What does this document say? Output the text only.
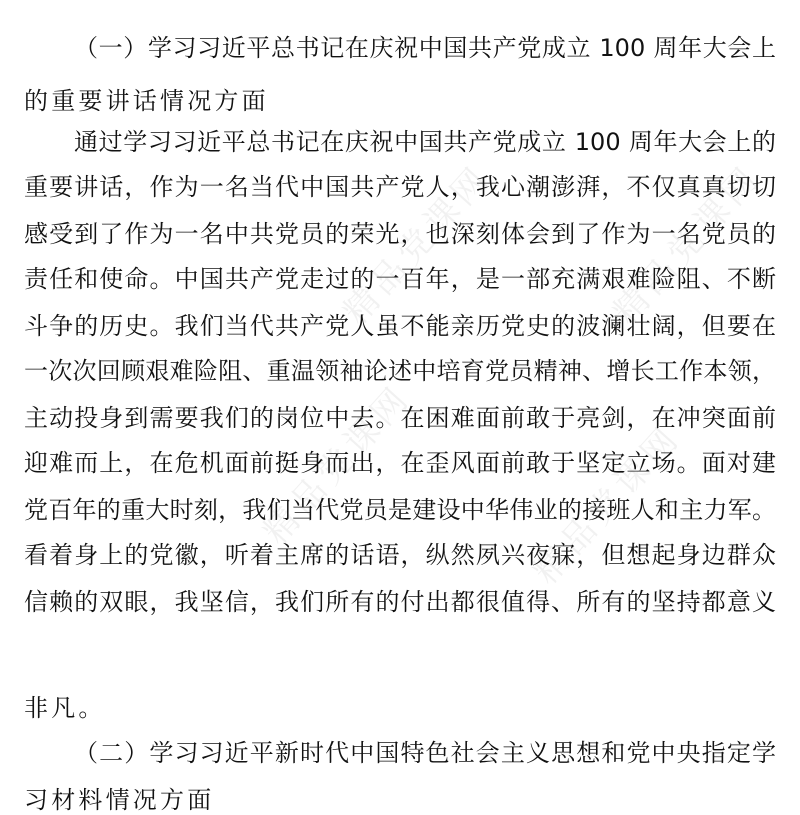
精品党课网	精品党课网
精品党课网	精品党课网
（一）学习习近平总书记在庆祝中国共产党成立 100 周年大会上
的重要讲话情况方面
通过学习习近平总书记在庆祝中国共产党成立 100 周年大会上的
重要讲话，作为一名当代中国共产党人，我心潮澎湃，不仅真真切切
感受到了作为一名中共党员的荣光，也深刻体会到了作为一名党员的
责任和使命。中国共产党走过的一百年，是一部充满艰难险阻、不断
斗争的历史。我们当代共产党人虽不能亲历党史的波澜壮阔，但要在
一次次回顾艰难险阻、重温领袖论述中培育党员精神、增长工作本领，
主动投身到需要我们的岗位中去。在困难面前敢于亮剑，在冲突面前
迎难而上，在危机面前挺身而出，在歪风面前敢于坚定立场。面对建
党百年的重大时刻，我们当代党员是建设中华伟业的接班人和主力军。
看着身上的党徽，听着主席的话语，纵然夙兴夜寐，但想起身边群众
信赖的双眼，我坚信，我们所有的付出都很值得、所有的坚持都意义
非凡。
（二）学习习近平新时代中国特色社会主义思想和党中央指定学
习材料情况方面
